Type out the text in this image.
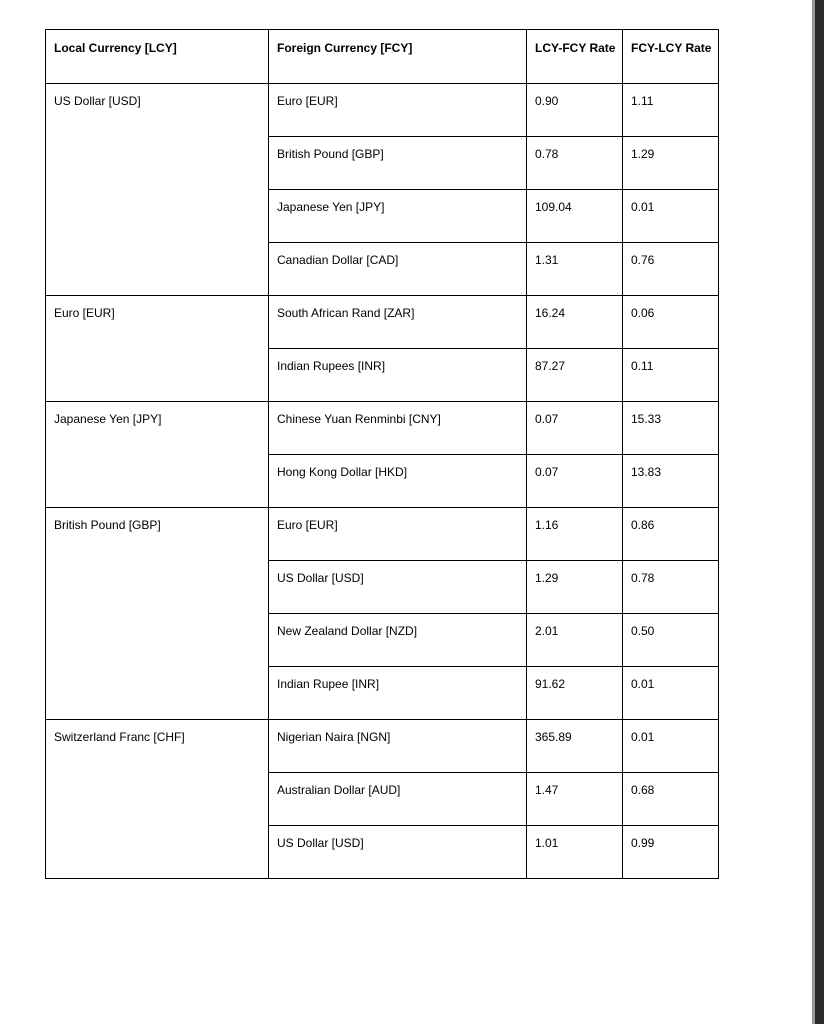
Local Currency [LCY]	Foreign Currency [FCY]	LCY-FCY Rate	FCY-LCY Rate
US Dollar [USD]	Euro [EUR]	0.90	1.11
	British Pound [GBP]	0.78	1.29
	Japanese Yen [JPY]	109.04	0.01
	Canadian Dollar [CAD]	1.31	0.76
Euro [EUR]	South African Rand [ZAR]	16.24	0.06
	Indian Rupees [INR]	87.27	0.11
Japanese Yen [JPY]	Chinese Yuan Renminbi [CNY]	0.07	15.33
	Hong Kong Dollar [HKD]	0.07	13.83
British Pound [GBP]	Euro [EUR]	1.16	0.86
	US Dollar [USD]	1.29	0.78
	New Zealand Dollar [NZD]	2.01	0.50
	Indian Rupee [INR]	91.62	0.01
Switzerland Franc [CHF]	Nigerian Naira [NGN]	365.89	0.01
	Australian Dollar [AUD]	1.47	0.68
	US Dollar [USD]	1.01	0.99
